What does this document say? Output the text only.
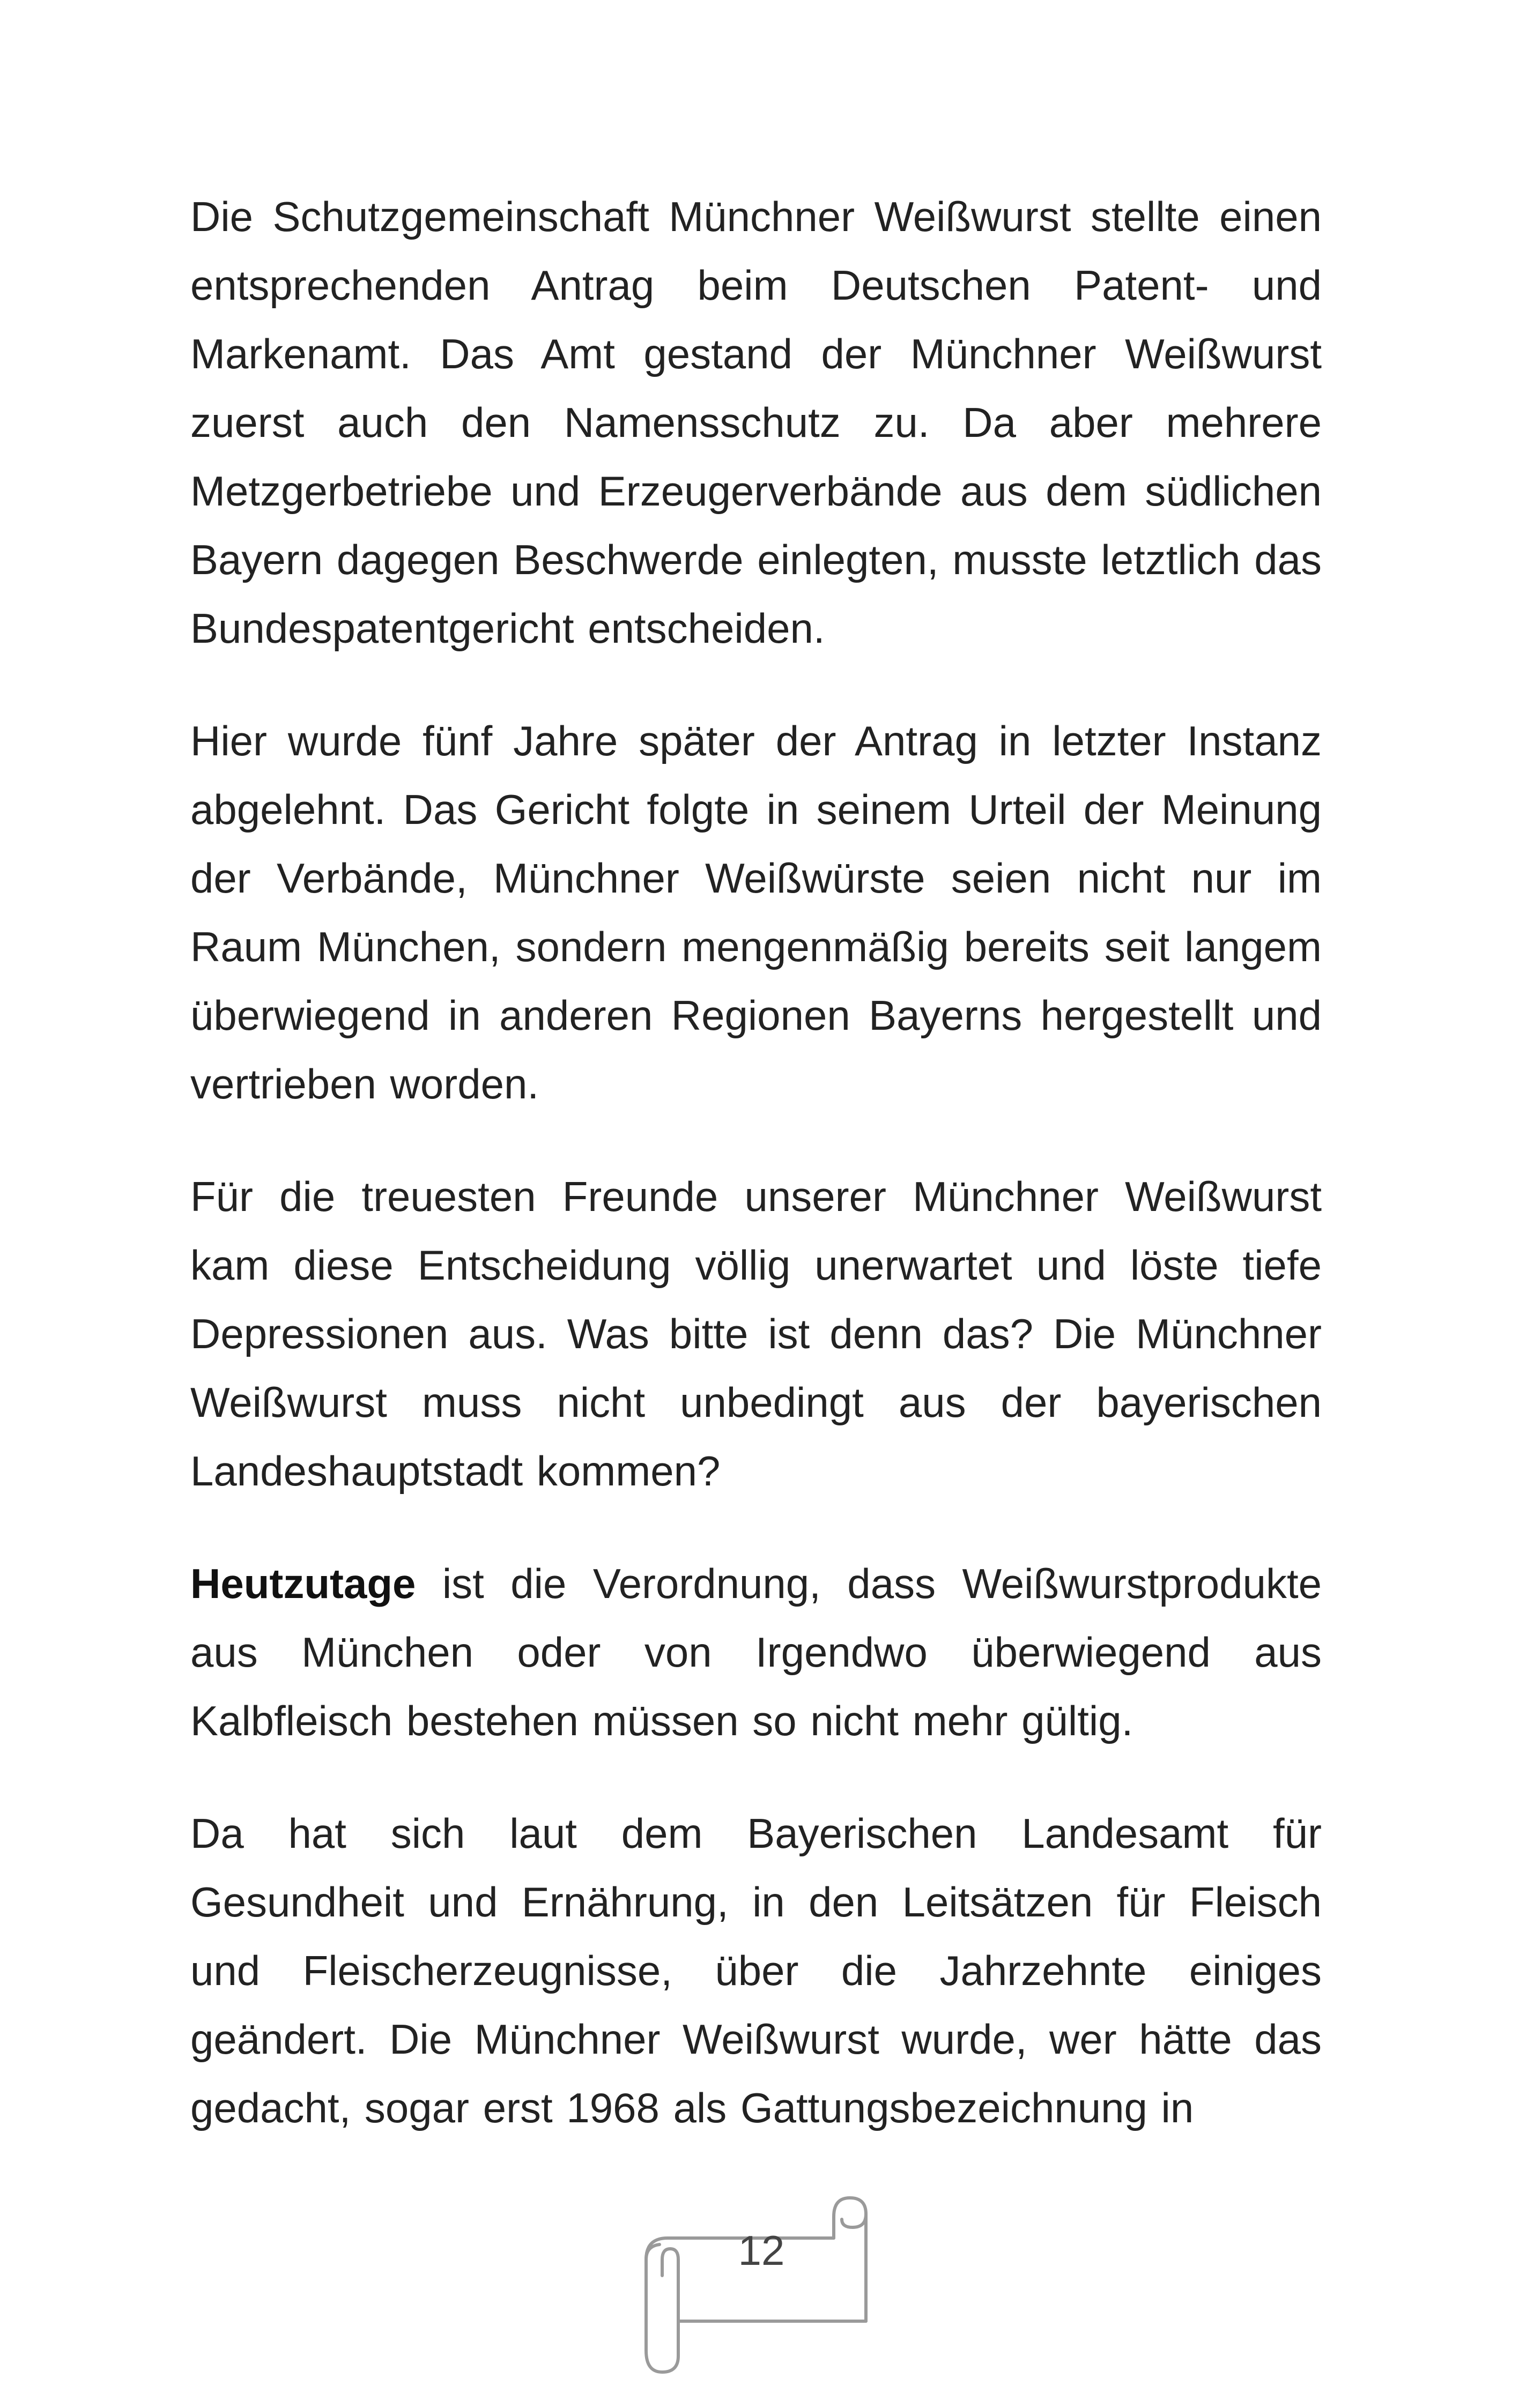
Die Schutzgemeinschaft Münchner Weißwurst stellte einen entsprechenden Antrag beim Deutschen Patent- und Markenamt. Das Amt gestand der Münchner Weißwurst zuerst auch den Namensschutz zu. Da aber mehrere Metzgerbetriebe und Erzeugerverbände aus dem südlichen Bayern dagegen Beschwerde einlegten, musste letztlich das Bundespatentgericht entscheiden.

Hier wurde fünf Jahre später der Antrag in letzter Instanz abgelehnt. Das Gericht folgte in seinem Urteil der Meinung der Verbände, Münchner Weißwürste seien nicht nur im Raum München, sondern mengenmäßig bereits seit langem überwiegend in anderen Regionen Bayerns hergestellt und vertrieben worden.

Für die treuesten Freunde unserer Münchner Weißwurst kam diese Entscheidung völlig unerwartet und löste tiefe Depressionen aus. Was bitte ist denn das? Die Münchner Weißwurst muss nicht unbedingt aus der bayerischen Landeshauptstadt kommen?

Heutzutage ist die Verordnung, dass Weißwurstprodukte aus München oder von Irgendwo überwiegend aus Kalbfleisch bestehen müssen so nicht mehr gültig.

Da hat sich laut dem Bayerischen Landesamt für Gesundheit und Ernährung, in den Leitsätzen für Fleisch und Fleischerzeugnisse, über die Jahrzehnte einiges geändert. Die Münchner Weißwurst wurde, wer hätte das gedacht, sogar erst 1968 als Gattungsbezeichnung in

12
